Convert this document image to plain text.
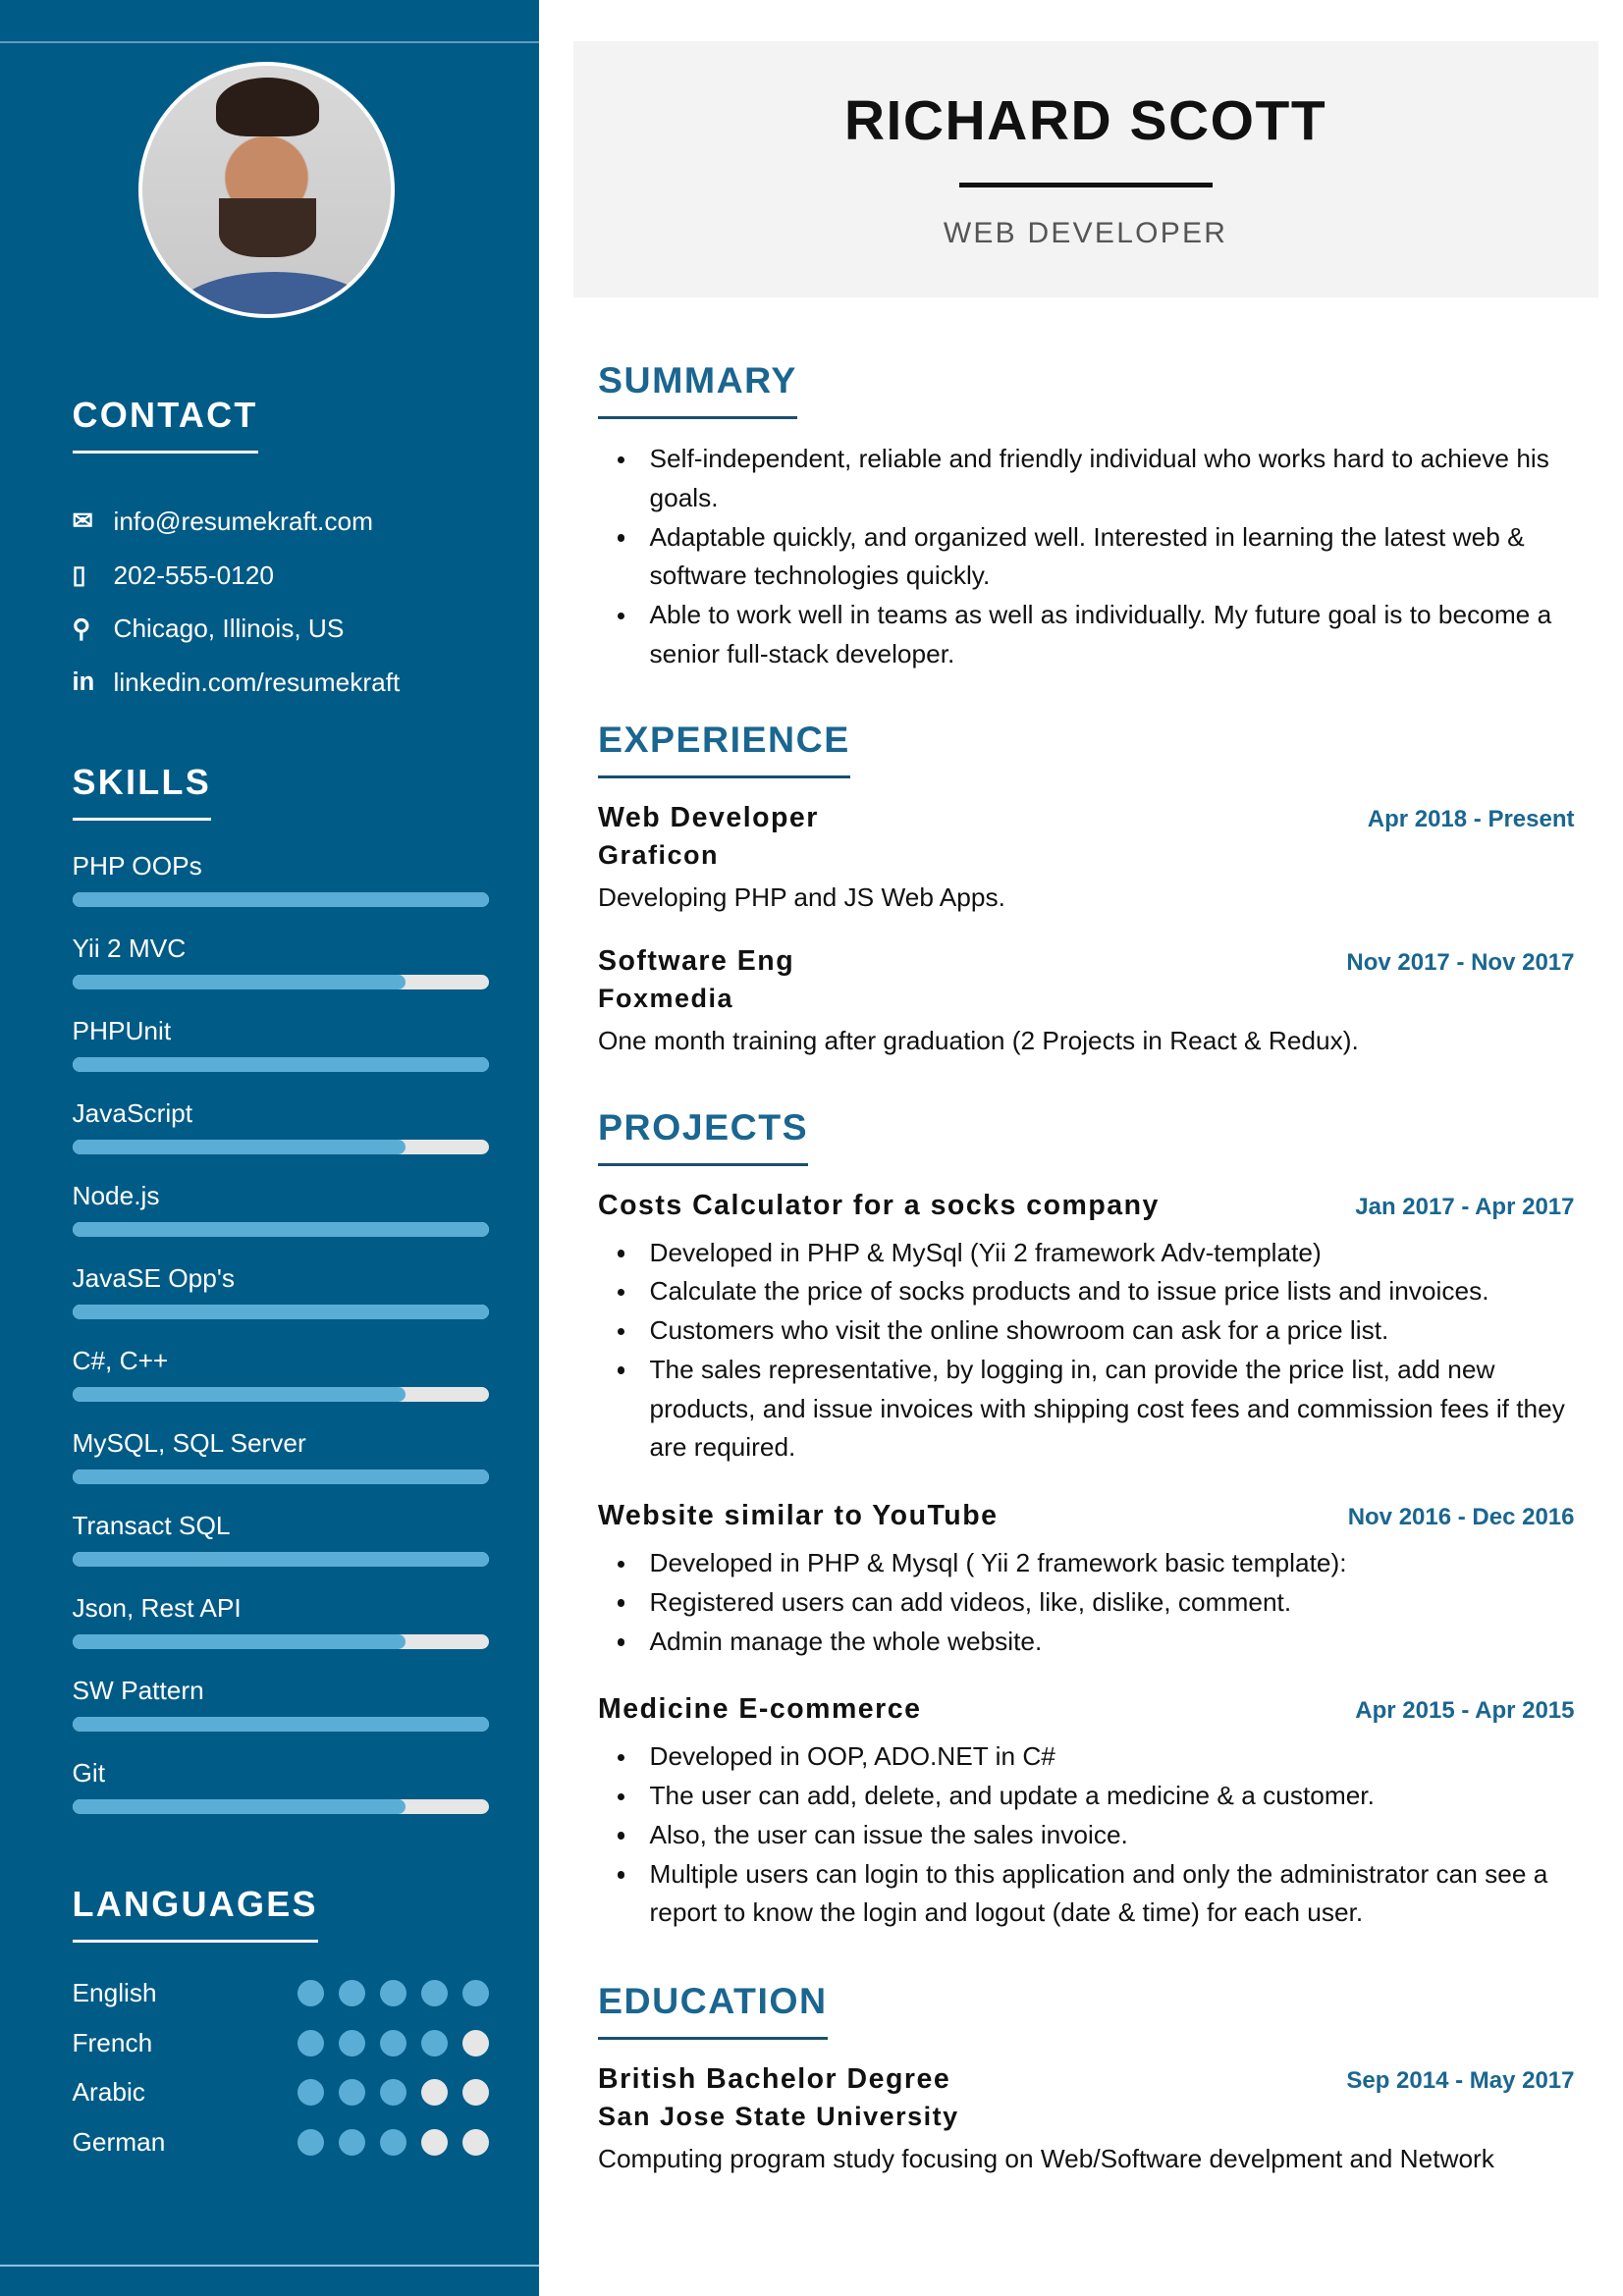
CONTACT
✉	info@resumekraft.com
▯	202-555-0120
⚲	Chicago, Illinois, US
in	linkedin.com/resumekraft
SKILLS
PHP OOPs
Yii 2 MVC
PHPUnit
JavaScript
Node.js
JavaSE Opp's
C#, C++
MySQL, SQL Server
Transact SQL
Json, Rest API
SW Pattern
Git
LANGUAGES
English
French
Arabic
German
RICHARD SCOTT
WEB DEVELOPER
SUMMARY
Self-independent, reliable and friendly individual who works hard to achieve his goals.
Adaptable quickly, and organized well. Interested in learning the latest web & software technologies quickly.
Able to work well in teams as well as individually. My future goal is to become a senior full-stack developer.
EXPERIENCE
Web Developer	Apr 2018 - Present
Graficon
Developing PHP and JS Web Apps.
Software Eng	Nov 2017 - Nov 2017
Foxmedia
One month training after graduation (2 Projects in React & Redux).
PROJECTS
Costs Calculator for a socks company	Jan 2017 - Apr 2017
Developed in PHP & MySql (Yii 2 framework Adv-template)
Calculate the price of socks products and to issue price lists and invoices.
Customers who visit the online showroom can ask for a price list.
The sales representative, by logging in, can provide the price list, add new products, and issue invoices with shipping cost fees and commission fees if they are required.
Website similar to YouTube	Nov 2016 - Dec 2016
Developed in PHP & Mysql ( Yii 2 framework basic template):
Registered users can add videos, like, dislike, comment.
Admin manage the whole website.
Medicine E-commerce	Apr 2015 - Apr 2015
Developed in OOP, ADO.NET in C#
The user can add, delete, and update a medicine & a customer.
Also, the user can issue the sales invoice.
Multiple users can login to this application and only the administrator can see a report to know the login and logout (date & time) for each user.
EDUCATION
British Bachelor Degree	Sep 2014 - May 2017
San Jose State University
Computing program study focusing on Web/Software develpment and Network
